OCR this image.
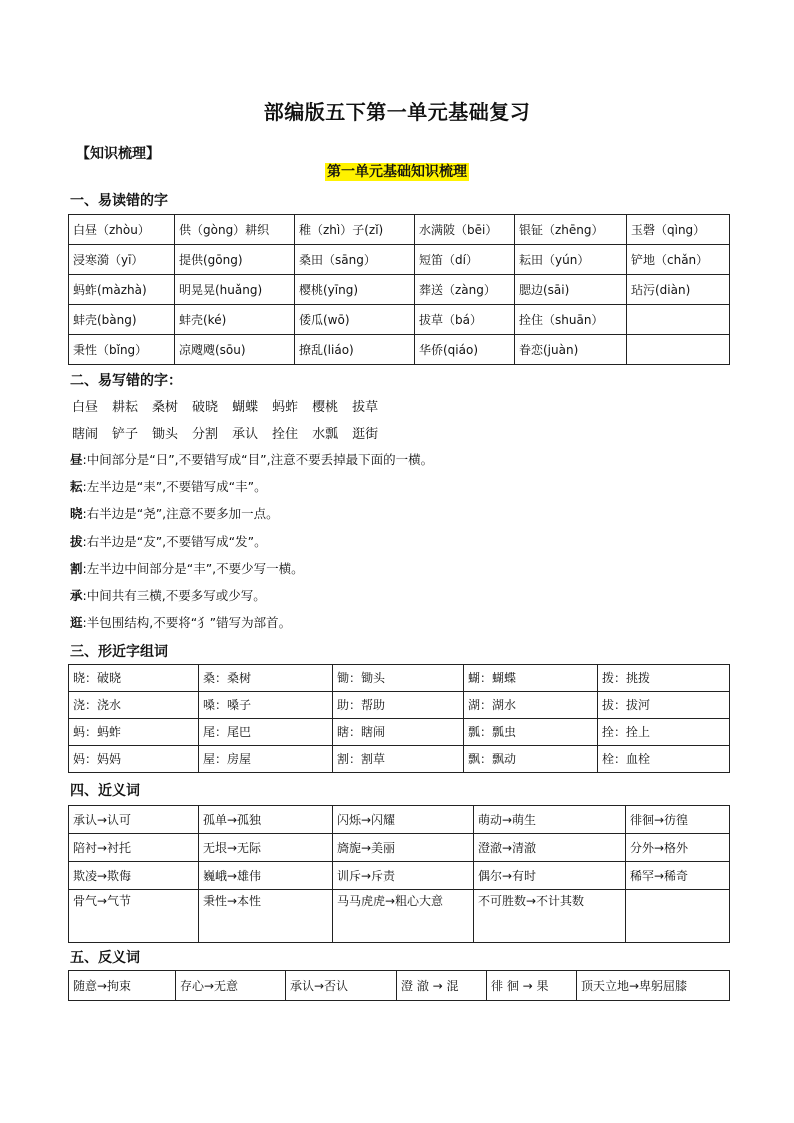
部编版五下第一单元基础复习
【知识梳理】
第一单元基础知识梳理
一、易读错的字
白昼（zhòu）	供（gòng）耕织	稚（zhì）子(zǐ)	水满陂（bēi）	银钲（zhēng）	玉磬（qìng）
浸寒漪（yī）	提供(gōng)	桑田（sāng）	短笛（dí）	耘田（yún）	铲地（chǎn）
蚂蚱(màzhà)	明晃晃(huǎng)	樱桃(yīng)	葬送（zàng）	腮边(sāi)	玷污(diàn)
蚌壳(bàng)	蚌壳(ké)	倭瓜(wō)	拔草（bá）	拴住（shuān）	
秉性（bǐng）	凉飕飕(sōu)	撩乱(liáo)	华侨(qiáo)	眷恋(juàn)	
二、易写错的字：
白昼 耕耘 桑树 破晓 蝴蝶 蚂蚱 樱桃 拔草
瞎闹 铲子 锄头 分割 承认 拴住 水瓢 逛街
昼:中间部分是“日”,不要错写成“目”,注意不要丢掉最下面的一横。
耘:左半边是“耒”,不要错写成“丰”。
晓:右半边是“尧”,注意不要多加一点。
拔:右半边是“犮”,不要错写成“发”。
割:左半边中间部分是“丰”,不要少写一横。
承:中间共有三横,不要多写或少写。
逛:半包围结构,不要将“犭”错写为部首。
三、形近字组词
晓：破晓	桑：桑树	锄：锄头	蝴：蝴蝶	拨：挑拨
浇：浇水	嗓：嗓子	助：帮助	湖：湖水	拔：拔河
蚂：蚂蚱	尾：尾巴	瞎：瞎闹	瓢：瓢虫	拴：拴上
妈：妈妈	屋：房屋	割：割草	飘：飘动	栓：血栓
四、近义词
承认→认可	孤单→孤独	闪烁→闪耀	萌动→萌生	徘徊→彷徨
陪衬→衬托	无垠→无际	旖旎→美丽	澄澈→清澈	分外→格外
欺凌→欺侮	巍峨→雄伟	训斥→斥责	偶尔→有时	稀罕→稀奇
骨气→气节	秉性→本性	马马虎虎→粗心大意	不可胜数→不计其数	
五、反义词
随意→拘束	存心→无意	承认→否认	澄 澈 → 混	徘 徊 → 果	顶天立地→卑躬屈膝
